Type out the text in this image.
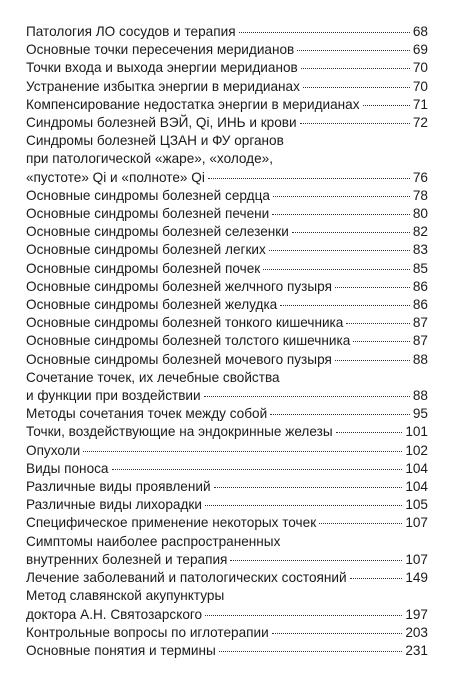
Патология ЛО сосудов и терапия	68
Основные точки пересечения меридианов	69
Точки входа и выхода энергии меридианов	70
Устранение избытка энергии в меридианах	70
Компенсирование недостатка энергии в меридианах	71
Синдромы болезней ВЭЙ, Qi, ИНЬ и крови	72
Синдромы болезней ЦЗАН и ФУ органов
при патологической «жаре», «холоде»,
«пустоте» Qi и «полноте» Qi	76
Основные синдромы болезней сердца	78
Основные синдромы болезней печени	80
Основные синдромы болезней селезенки	82
Основные синдромы болезней легких	83
Основные синдромы болезней почек	85
Основные синдромы болезней желчного пузыря	86
Основные синдромы болезней желудка	86
Основные синдромы болезней тонкого кишечника	87
Основные синдромы болезней толстого кишечника	87
Основные синдромы болезней мочевого пузыря	88
Сочетание точек, их лечебные свойства
и функции при воздействии	88
Методы сочетания точек между собой	95
Точки, воздействующие на эндокринные железы	101
Опухоли	102
Виды поноса	104
Различные виды проявлений	104
Различные виды лихорадки	105
Специфическое применение некоторых точек	107
Симптомы наиболее распространенных
внутренних болезней и терапия	107
Лечение заболеваний и патологических состояний	149
Метод славянской акупунктуры
доктора А.Н. Святозарского	197
Контрольные вопросы по иглотерапии	203
Основные понятия и термины	231
